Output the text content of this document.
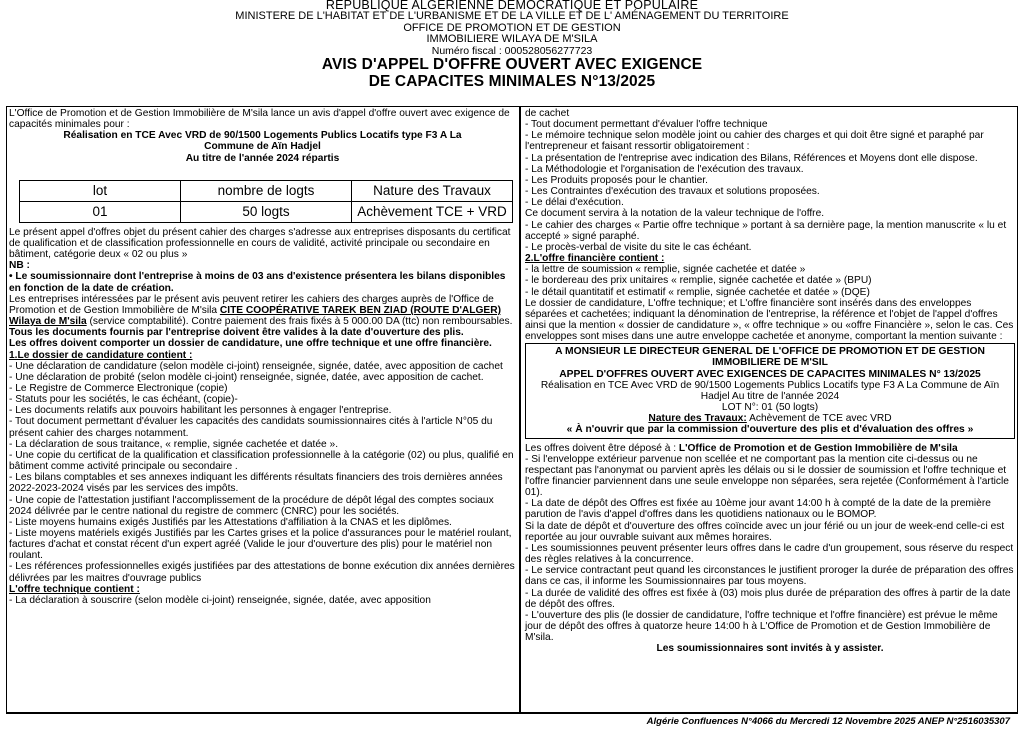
REPUBLIQUE ALGERIENNE DEMOCRATIQUE ET POPULAIRE
MINISTERE DE L'HABITAT ET DE L'URBANISME ET DE LA VILLE ET DE L' AMÉNAGEMENT DU TERRITOIRE
OFFICE DE PROMOTION ET DE GESTION
IMMOBILIERE WILAYA DE M'SILA
Numéro fiscal : 000528056277723
AVIS D'APPEL D'OFFRE OUVERT AVEC EXIGENCE
DE CAPACITES MINIMALES N°13/2025

L'Office de Promotion et de Gestion Immobilière de M'sila lance un avis d'appel d'offre ouvert avec exigence de capacités minimales pour :

Réalisation en TCE Avec VRD de 90/1500 Logements Publics Locatifs type F3 A La

Commune de Aïn Hadjel

Au titre de l'année 2024 répartis

lot	nombre de logts	Nature des Travaux
01	50 logts	Achèvement TCE + VRD

Le présent appel d'offres objet du présent cahier des charges s'adresse aux entreprises disposants du certificat de qualification et de classification professionnelle en cours de validité, activité principale ou secondaire en bâtiment, catégorie deux « 02 ou plus »

NB :

• Le soumissionnaire dont l'entreprise à moins de 03 ans d'existence présentera les bilans disponibles en fonction de la date de création.

Les entreprises intéressées par le présent avis peuvent retirer les cahiers des charges auprès de l'Office de Promotion et de Gestion Immobilière de M'sila CITE COOPÉRATIVE TAREK BEN ZIAD (ROUTE D'ALGER) Wilaya de M'sila (service comptabilité). Contre paiement des frais fixés à 5 000.00 DA (ttc) non remboursables.

Tous les documents fournis par l'entreprise doivent être valides à la date d'ouverture des plis.

Les offres doivent comporter un dossier de candidature, une offre technique et une offre financière.

1.Le dossier de candidature contient :

- Une déclaration de candidature (selon modèle ci-joint) renseignée, signée, datée, avec apposition de cachet

- Une déclaration de probité (selon modèle ci-joint) renseignée, signée, datée, avec apposition de cachet.

- Le Registre de Commerce Electronique (copie)

- Statuts pour les sociétés, le cas échéant, (copie)-

- Les documents relatifs aux pouvoirs habilitant les personnes à engager l'entreprise.

- Tout document permettant d'évaluer les capacités des candidats soumissionnaires cités à l'article N°05 du présent cahier des charges notamment.

- La déclaration de sous traitance, « remplie, signée cachetée et datée ».

- Une copie du certificat de la qualification et classification professionnelle à la catégorie (02) ou plus, qualifié en bâtiment comme activité principale ou secondaire .

- Les bilans comptables et ses annexes indiquant les différents résultats financiers des trois dernières années 2022-2023-2024 visés par les services des impôts.

- Une copie de l'attestation justifiant l'accomplissement de la procédure de dépôt légal des comptes sociaux 2024 délivrée par le centre national du registre de commerc (CNRC) pour les sociétés.

- Liste moyens humains exigés Justifiés par les Attestations d'affiliation à la CNAS et les diplômes.

- Liste moyens matériels exigés Justifiés par les Cartes grises et la police d'assurances pour le matériel roulant, factures d'achat et constat récent d'un expert agréé (Valide le jour d'ouverture des plis) pour le matériel non roulant.

- Les références professionnelles exigés justifiées par des attestations de bonne exécution dix années dernières délivrées par les maitres d'ouvrage publics

L'offre technique contient :

- La déclaration à souscrire (selon modèle ci-joint) renseignée, signée, datée, avec apposition

de cachet

- Tout document permettant d'évaluer l'offre technique

- Le mémoire technique selon modèle joint ou cahier des charges et qui doit être signé et paraphé par l'entrepreneur et faisant ressortir obligatoirement :

- La présentation de l'entreprise avec indication des Bilans, Références et Moyens dont elle dispose.

- La Méthodologie et l'organisation de l'exécution des travaux.

- Les Produits proposés pour le chantier.

- Les Contraintes d'exécution des travaux et solutions proposées.

- Le délai d'exécution.

Ce document servira à la notation de la valeur technique de l'offre.

- Le cahier des charges « Partie offre technique » portant à sa dernière page, la mention manuscrite « lu et accepté » signé paraphé.

- Le procès-verbal de visite du site le cas échéant.

2.L'offre financière contient :

- la lettre de soumission « remplie, signée cachetée et datée »

- le bordereau des prix unitaires « remplie, signée cachetée et datée » (BPU)

- le détail quantitatif et estimatif « remplie, signée cachetée et datée » (DQE)

Le dossier de candidature, L'offre technique; et L'offre financière sont insérés dans des enveloppes séparées et cachetées; indiquant la dénomination de l'entreprise, la référence et l'objet de l'appel d'offres ainsi que la mention « dossier de candidature », « offre technique » ou «offre Financière », selon le cas. Ces enveloppes sont mises dans une autre enveloppe cachetée et anonyme, comportant la mention suivante :

A MONSIEUR LE DIRECTEUR GENERAL DE L'OFFICE DE PROMOTION ET DE GESTION IMMOBILIERE DE M'SIL

APPEL D'OFFRES OUVERT AVEC EXIGENCES DE CAPACITES MINIMALES N° 13/2025

Réalisation en TCE Avec VRD de 90/1500 Logements Publics Locatifs type F3 A La Commune de Aïn Hadjel Au titre de l'année 2024

LOT N°: 01 (50 logts)

Nature des Travaux: Achèvement de TCE avec VRD

« À n'ouvrir que par la commission d'ouverture des plis et d'évaluation des offres »

Les offres doivent être déposé à : L'Office de Promotion et de Gestion Immobilière de M'sila

- Si l'enveloppe extérieur parvenue non scellée et ne comportant pas la mention cite ci-dessus ou ne respectant pas l'anonymat ou parvient après les délais ou si le dossier de soumission et l'offre technique et l'offre financier parviennent dans une seule enveloppe non séparées, sera rejetée (Conformément à l'article 01).

- La date de dépôt des Offres est fixée au 10ème jour avant 14:00 h à compté de la date de la première parution de l'avis d'appel d'offres dans les quotidiens nationaux ou le BOMOP.

Si la date de dépôt et d'ouverture des offres coïncide avec un jour férié ou un jour de week-end celle-ci est reportée au jour ouvrable suivant aux mêmes horaires.

- Les soumissionnes peuvent présenter leurs offres dans le cadre d'un groupement, sous réserve du respect des règles relatives à la concurrence.

- Le service contractant peut quand les circonstances le justifient proroger la durée de préparation des offres dans ce cas, il informe les Soumissionnaires par tous moyens.

- La durée de validité des offres est fixée à (03) mois plus durée de préparation des offres à partir de la date de dépôt des offres.

- L'ouverture des plis (le dossier de candidature, l'offre technique et l'offre financière) est prévue le même jour de dépôt des offres à quatorze heure 14:00 h à L'Office de Promotion et de Gestion Immobilière de M'sila.

Les soumissionnaires sont invités à y assister.

Algérie Confluences N°4066 du Mercredi 12 Novembre 2025 ANEP N°2516035307
